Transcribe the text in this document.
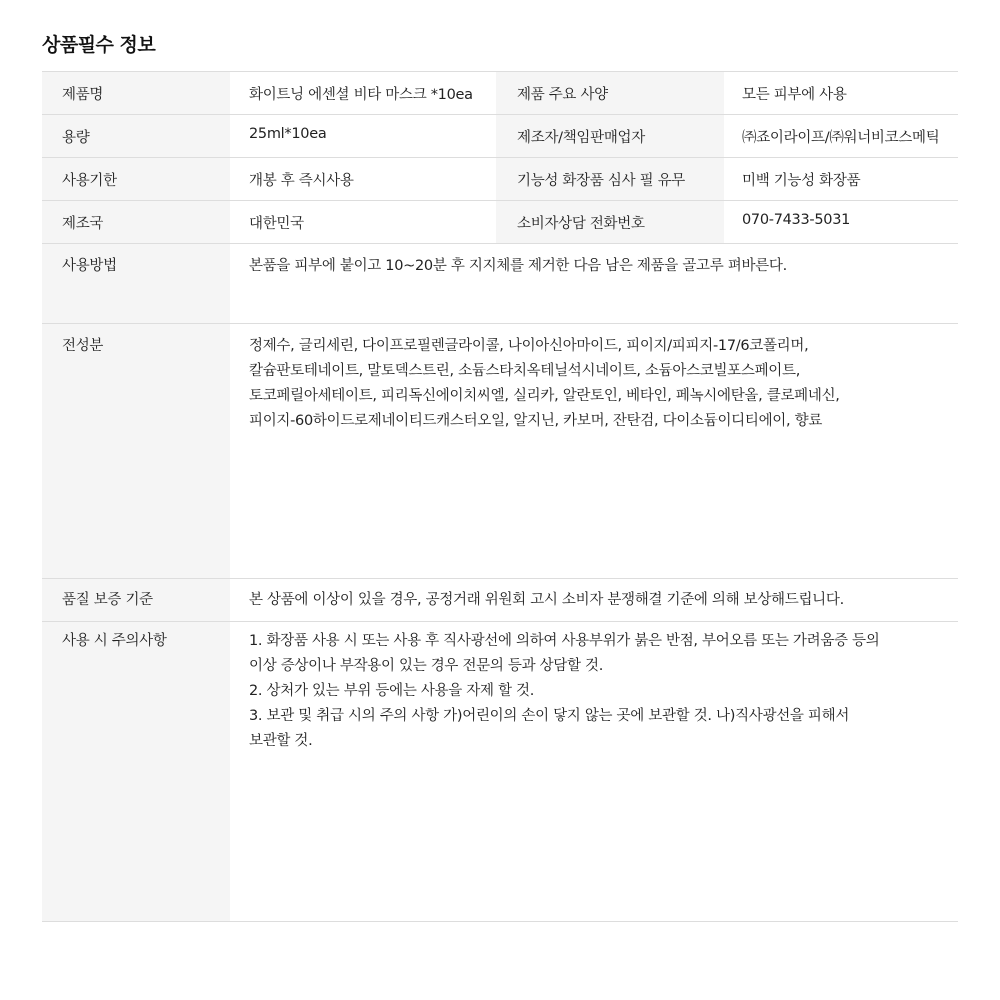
상품필수 정보
제품명	화이트닝 에센셜 비타 마스크 *10ea	제품 주요 사양	모든 피부에 사용
용량	25ml*10ea	제조자/책임판매업자	㈜죠이라이프/㈜워너비코스메틱
사용기한	개봉 후 즉시사용	기능성 화장품 심사 필 유무	미백 기능성 화장품
제조국	대한민국	소비자상담 전화번호	070-7433-5031
사용방법	본품을 피부에 붙이고 10~20분 후 지지체를 제거한 다음 남은 제품을 골고루 펴바른다.		
전성분	정제수, 글리세린, 다이프로필렌글라이콜, 나이아신아마이드, 피이지/피피지-17/6코폴리머,
칼슘판토테네이트, 말토덱스트린, 소듐스타치옥테닐석시네이트, 소듐아스코빌포스페이트,
토코페릴아세테이트, 피리독신에이치씨엘, 실리카, 알란토인, 베타인, 페녹시에탄올, 클로페네신,
피이지-60하이드로제네이티드캐스터오일, 알지닌, 카보머, 잔탄검, 다이소듐이디티에이, 향료		

품질 보증 기준	본 상품에 이상이 있을 경우, 공정거래 위원회 고시 소비자 분쟁해결 기준에 의해 보상해드립니다.		
사용 시 주의사항	1. 화장품 사용 시 또는 사용 후 직사광선에 의하여 사용부위가 붉은 반점, 부어오름 또는 가려움증 등의
이상 증상이나 부작용이 있는 경우 전문의 등과 상담할 것.
2. 상처가 있는 부위 등에는 사용을 자제 할 것.
3. 보관 및 취급 시의 주의 사항 가)어린이의 손이 닿지 않는 곳에 보관할 것. 나)직사광선을 피해서
보관할 것.		
